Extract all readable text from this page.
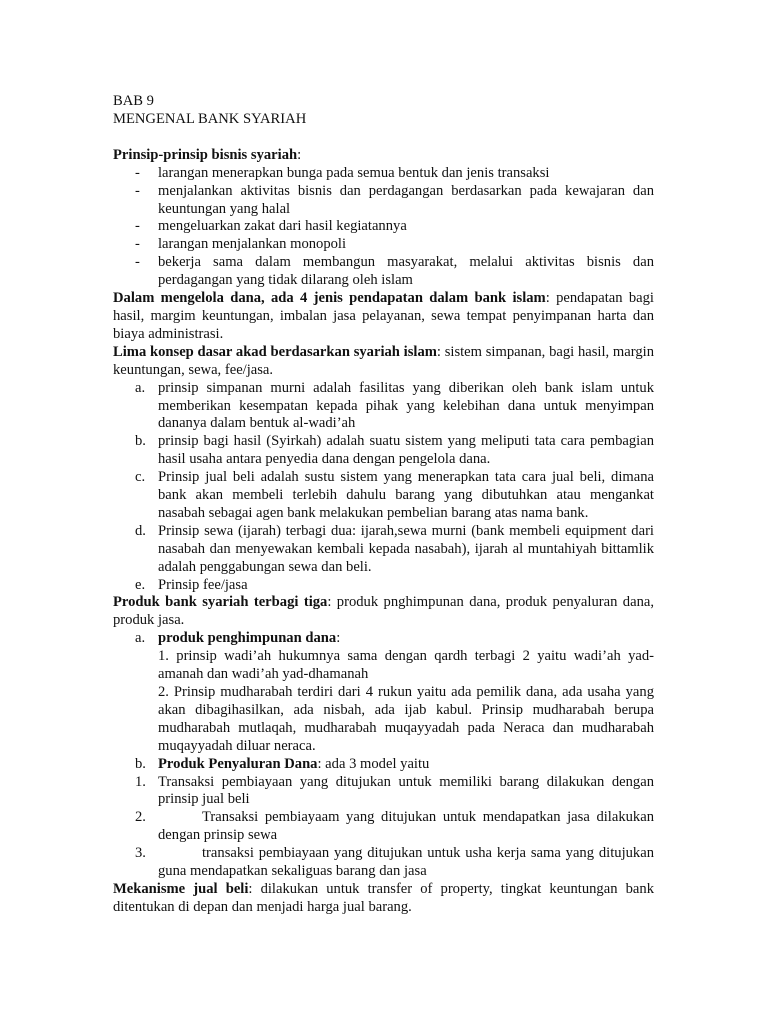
BAB 9

MENGENAL BANK SYARIAH

Prinsip-prinsip bisnis syariah:

- larangan menerapkan bunga pada semua bentuk dan jenis transaksi
- menjalankan aktivitas bisnis dan perdagangan berdasarkan pada kewajaran dan keuntungan yang halal
- mengeluarkan zakat dari hasil kegiatannya
- larangan menjalankan monopoli
- bekerja sama dalam membangun masyarakat, melalui aktivitas bisnis dan perdagangan yang tidak dilarang oleh islam

Dalam mengelola dana, ada 4 jenis pendapatan dalam bank islam: pendapatan bagi hasil, margim keuntungan, imbalan jasa pelayanan, sewa tempat penyimpanan harta dan biaya administrasi.

Lima konsep dasar akad berdasarkan syariah islam: sistem simpanan, bagi hasil, margin keuntungan, sewa, fee/jasa.

a. prinsip simpanan murni adalah fasilitas yang diberikan oleh bank islam untuk memberikan kesempatan kepada pihak yang kelebihan dana untuk menyimpan dananya dalam bentuk al-wadi’ah
b. prinsip bagi hasil (Syirkah) adalah suatu sistem yang meliputi tata cara pembagian hasil usaha antara penyedia dana dengan pengelola dana.
c. Prinsip jual beli adalah sustu sistem yang menerapkan tata cara jual beli, dimana bank akan membeli terlebih dahulu barang yang dibutuhkan atau mengankat nasabah sebagai agen bank melakukan pembelian barang atas nama bank.
d. Prinsip sewa (ijarah) terbagi dua: ijarah,sewa murni (bank membeli equipment dari nasabah dan menyewakan kembali kepada nasabah), ijarah al muntahiyah bittamlik adalah penggabungan sewa dan beli.
e. Prinsip fee/jasa

Produk bank syariah terbagi tiga: produk pnghimpunan dana, produk penyaluran dana, produk jasa.

a. produk penghimpunan dana:

1. prinsip wadi’ah hukumnya sama dengan qardh terbagi 2 yaitu wadi’ah yad-amanah dan wadi’ah yad-dhamanah

2. Prinsip mudharabah terdiri dari 4 rukun yaitu ada pemilik dana, ada usaha yang akan dibagihasilkan, ada nisbah, ada ijab kabul. Prinsip mudharabah berupa mudharabah mutlaqah, mudharabah muqayyadah pada Neraca dan mudharabah muqayyadah diluar neraca.

b. Produk Penyaluran Dana: ada 3 model yaitu

1. Transaksi pembiayaan yang ditujukan untuk memiliki barang dilakukan dengan prinsip jual beli
2.	Transaksi pembiayaam yang ditujukan untuk mendapatkan jasa dilakukan dengan prinsip sewa
3.	transaksi pembiayaan yang ditujukan untuk usha kerja sama yang ditujukan guna mendapatkan sekaliguas barang dan jasa

Mekanisme jual beli: dilakukan untuk transfer of property, tingkat keuntungan bank ditentukan di depan dan menjadi harga jual barang.
